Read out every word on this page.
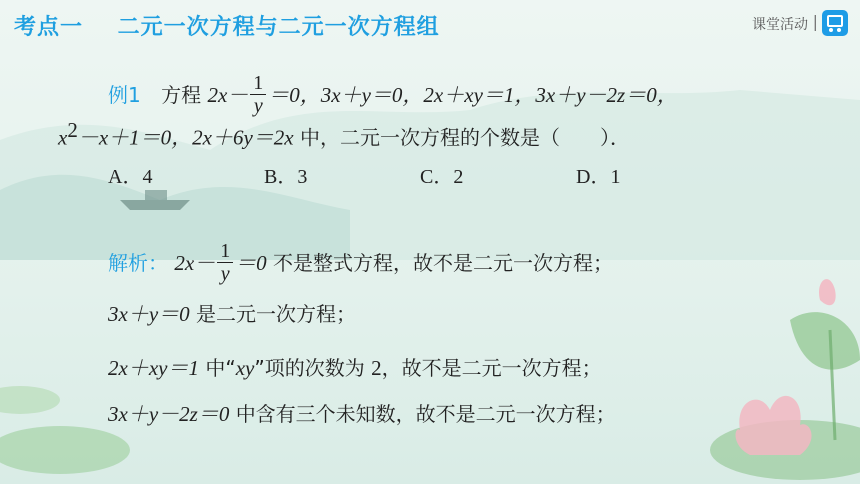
考点一    二元一次方程与二元一次方程组	课堂活动 |
例1 方程 $2x- \frac{1}{y} =0$，3x＋y＝0，2x＋xy＝1，3x＋y－2z＝0，
$x^2-x+1=0$，2x＋6y＝2x 中，二元一次方程的个数是（　　）．
A．4	B．3	C．2	D．1
解析： $2x- \frac{1}{y} =0$ 不是整式方程，故不是二元一次方程；
3x＋y＝0 是二元一次方程；
2x＋xy＝1 中“xy”项的次数为 2，故不是二元一次方程；
3x＋y－2z＝0 中含有三个未知数，故不是二元一次方程；
